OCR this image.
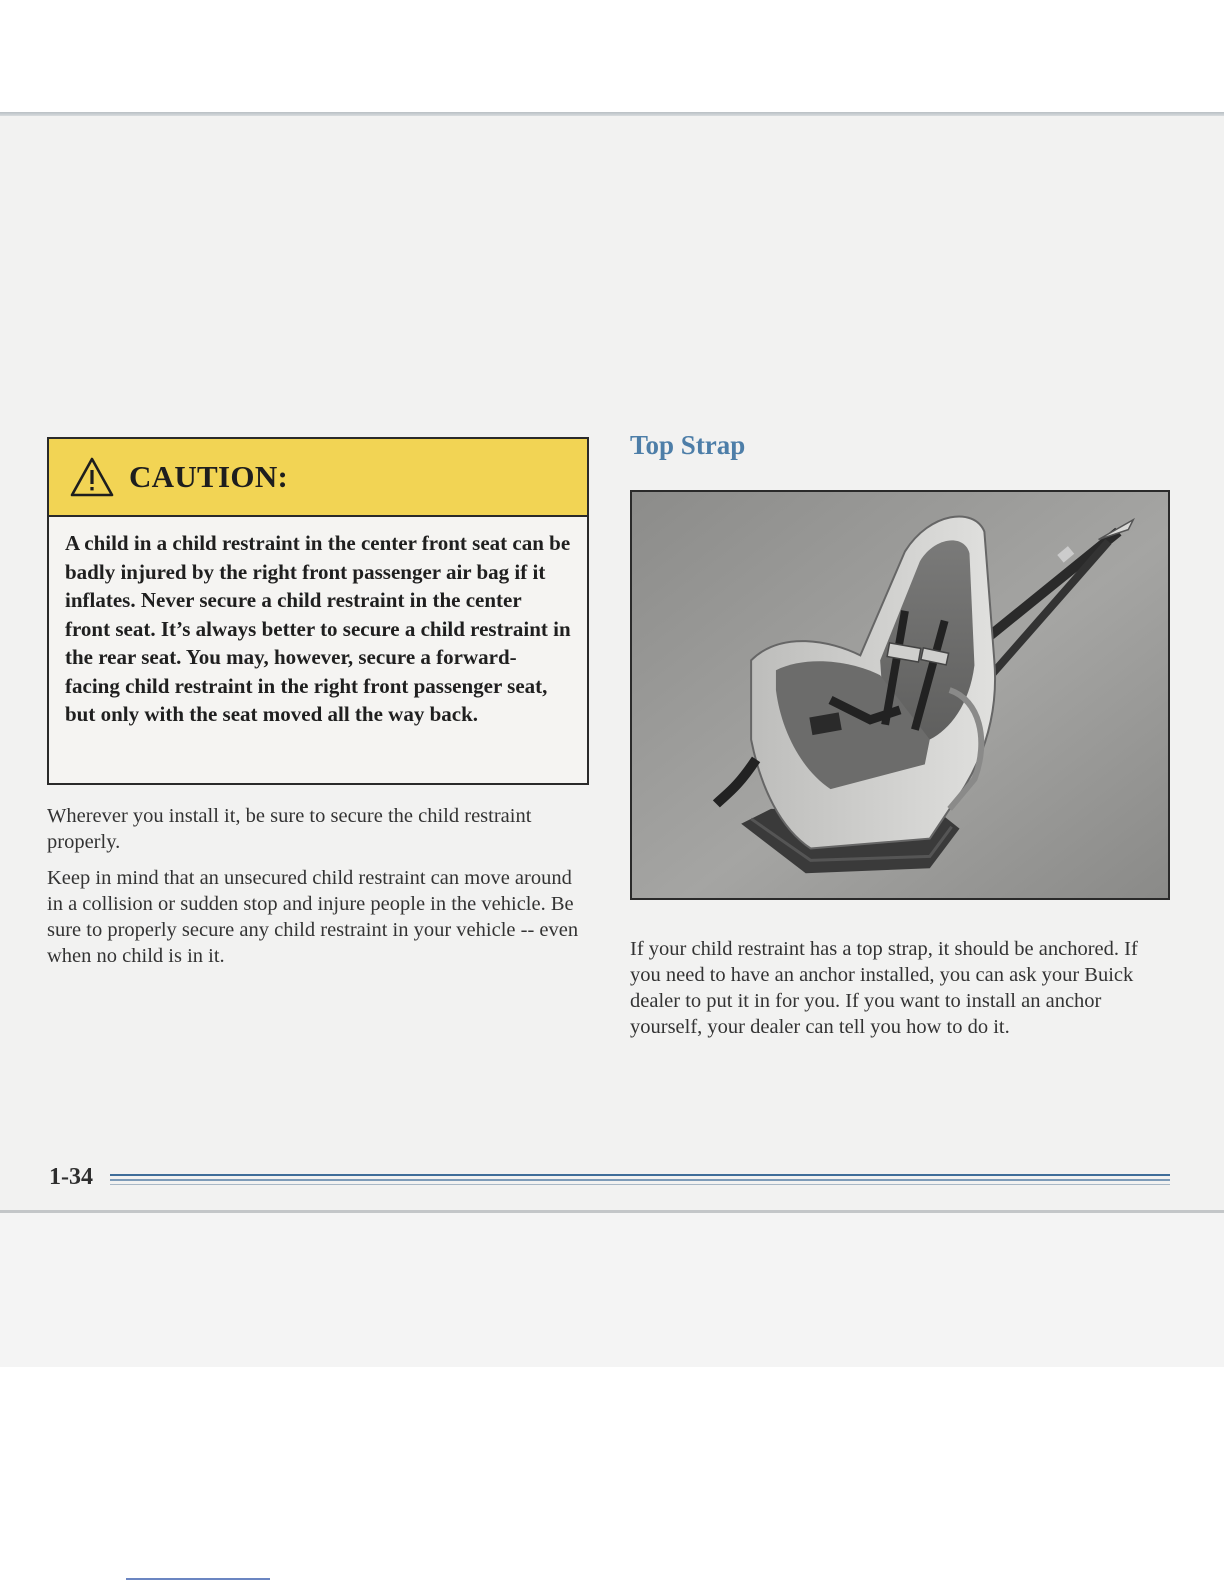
CAUTION:
A child in a child restraint in the center front seat can be badly injured by the right front passenger air bag if it inflates. Never secure a child restraint in the center front seat. It’s always better to secure a child restraint in the rear seat. You may, however, secure a forward-facing child restraint in the right front passenger seat, but only with the seat moved all the way back.

Wherever you install it, be sure to secure the child restraint properly.

Keep in mind that an unsecured child restraint can move around in a collision or sudden stop and injure people in the vehicle. Be sure to properly secure any child restraint in your vehicle -- even when no child is in it.

Top Strap

If your child restraint has a top strap, it should be anchored. If you need to have an anchor installed, you can ask your Buick dealer to put it in for you. If you want to install an anchor yourself, your dealer can tell you how to do it.

1-34
